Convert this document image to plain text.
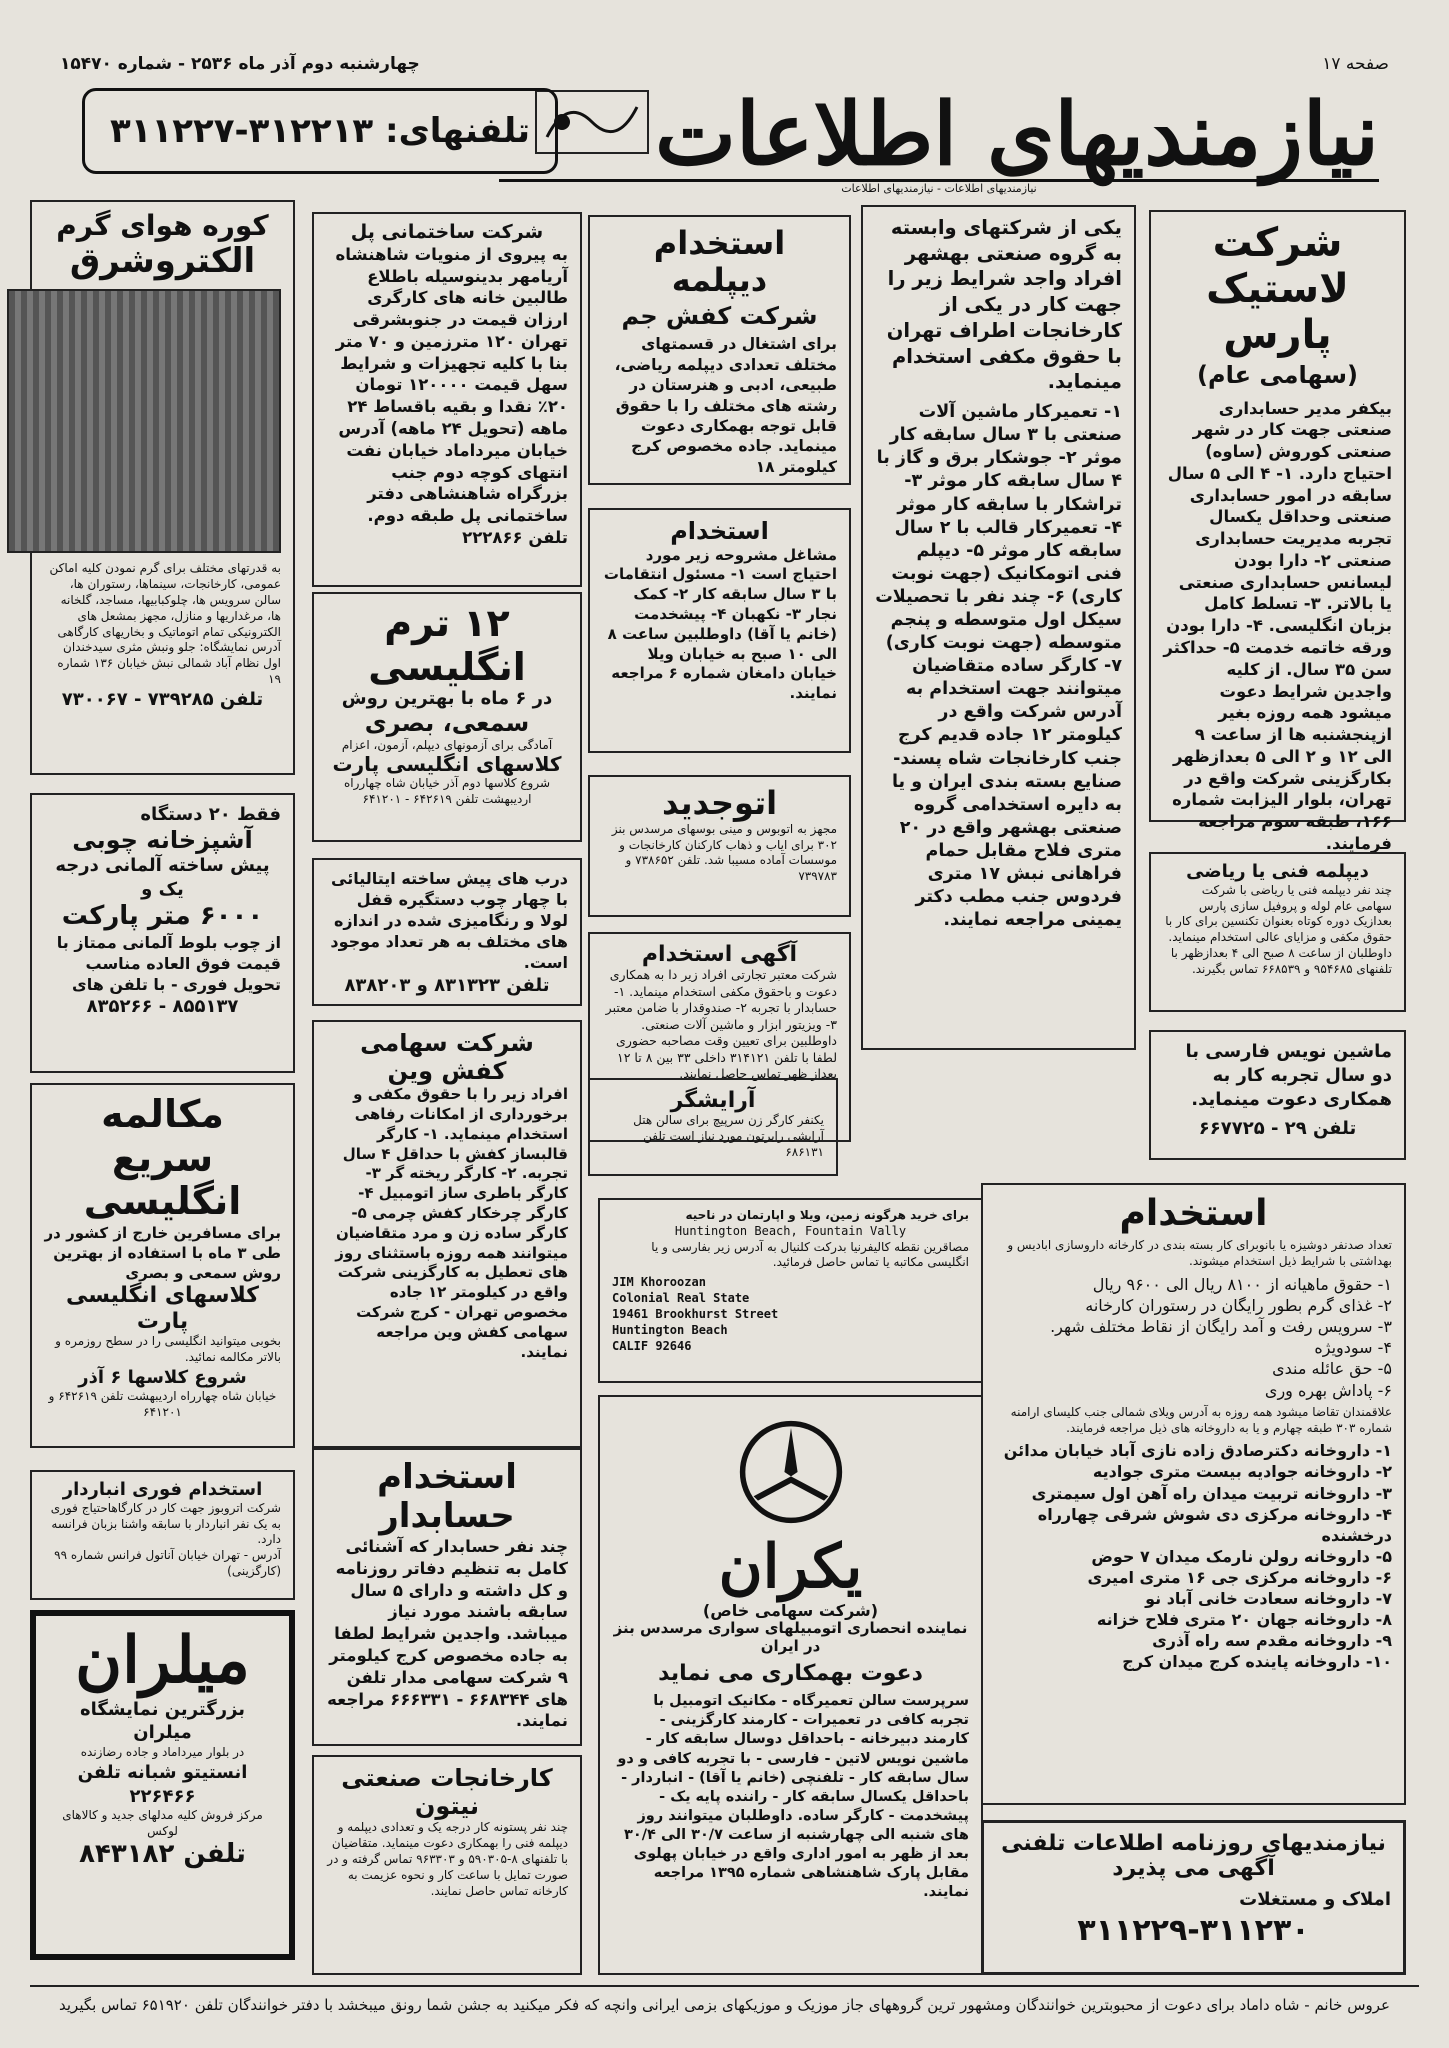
صفحه ۱۷
چهارشنبه دوم آذر ماه ۲۵۳۶ - شماره ۱۵۴۷۰
نیازمندیهای اطلاعات
نیازمندیهای اطلاعات - نیازمندیهای اطلاعات
تلفنهای: ۳۱۲۲۱۳-۳۱۱۲۲۷
شرکت لاستیک پارس
(سهامی عام)
بیکفر مدیر حسابداری صنعتی جهت کار در شهر صنعتی کوروش (ساوه) احتیاج دارد. ۱- ۴ الی ۵ سال سابقه در امور حسابداری صنعتی وحداقل یکسال تجربه مدیریت حسابداری صنعتی ۲- دارا بودن لیسانس حسابداری صنعتی یا بالاتر. ۳- تسلط کامل بزبان انگلیسی. ۴- دارا بودن ورقه خاتمه خدمت ۵- حداکثر سن ۳۵ سال. از کلیه واجدین شرایط دعوت میشود همه روزه بغیر ازپنجشنبه ها از ساعت ۹ الی ۱۲ و ۲ الی ۵ بعدازظهر بکارگزینی شرکت واقع در تهران، بلوار الیزابت شماره ۱۶۶، طبقه سوم مراجعه فرمایند.
دیپلمه فنی یا ریاضی
چند نفر دیپلمه فنی یا ریاضی با شرکت سهامی عام لوله و پروفیل سازی پارس بعدازیک دوره کوتاه بعنوان تکنسین برای کار با حقوق مکفی و مزایای عالی استخدام مینماید. داوطلبان از ساعت ۸ صبح الی ۴ بعدازظهر با تلفنهای ۹۵۴۶۸۵ و ۶۶۸۵۳۹ تماس بگیرند.
ماشین نویس فارسی با دو سال تجربه کار به همکاری دعوت مینماید.
تلفن ۲۹ - ۶۶۷۷۲۵
استخدام
تعداد صدنفر دوشیزه یا بانوبرای کار بسته بندی در کارخانه داروسازی ابادیس و بهداشتی با شرایط ذیل استخدام میشوند.
۱- حقوق ماهیانه از ۸۱۰۰ ریال الی ۹۶۰۰ ریال
۲- غذای گرم بطور رایگان در رستوران کارخانه
۳- سرویس رفت و آمد رایگان از نقاط مختلف شهر.
۴- سودویژه
۵- حق عائله مندی
۶- پاداش بهره وری
علاقمندان تقاضا میشود همه روزه به آدرس ویلای شمالی جنب کلیسای ارامنه شماره ۳۰۳ طبقه چهارم و یا به داروخانه های ذیل مراجعه فرمایند.
۱- داروخانه دکترصادق زاده نازی آباد خیابان مدائن
۲- داروخانه جوادیه بیست متری جوادیه
۳- داروخانه تربیت میدان راه آهن اول سیمتری
۴- داروخانه مرکزی دی شوش شرقی چهارراه درخشنده
۵- داروخانه رولن نارمک میدان ۷ حوض
۶- داروخانه مرکزی جی ۱۶ متری امیری
۷- داروخانه سعادت خانی آباد نو
۸- داروخانه جهان ۲۰ متری فلاح خزانه
۹- داروخانه مقدم سه راه آذری
۱۰- داروخانه پاینده کرج میدان کرج
نیازمندیهای روزنامه اطلاعات تلفنی آگهی می پذیرد
املاک و مستغلات
۳۱۱۲۲۹-۳۱۱۲۳۰
یکی از شرکتهای وابسته به گروه صنعتی بهشهر افراد واجد شرایط زیر را جهت کار در یکی از کارخانجات اطراف تهران با حقوق مکفی استخدام مینماید.
۱- تعمیرکار ماشین آلات صنعتی با ۳ سال سابقه کار موثر ۲- جوشکار برق و گاز با ۴ سال سابقه کار موثر ۳- تراشکار با سابقه کار موثر ۴- تعمیرکار قالب با ۲ سال سابقه کار موثر ۵- دیپلم فنی اتومکانیک (جهت نوبت کاری) ۶- چند نفر با تحصیلات سیکل اول متوسطه و پنجم متوسطه (جهت نوبت کاری) ۷- کارگر ساده متقاضیان میتوانند جهت استخدام به آدرس شرکت واقع در کیلومتر ۱۲ جاده قدیم کرج جنب کارخانجات شاه پسند- صنایع بسته بندی ایران و یا به دایره استخدامی گروه صنعتی بهشهر واقع در ۲۰ متری فلاح مقابل حمام فراهانی نبش ۱۷ متری فردوس جنب مطب دکتر یمینی مراجعه نمایند.
استخدام دیپلمه
شرکت کفش جم
برای اشتغال در قسمتهای مختلف تعدادی دیپلمه ریاضی، طبیعی، ادبی و هنرستان در رشته های مختلف را با حقوق قابل توجه بهمکاری دعوت مینماید. جاده مخصوص کرج کیلومتر ۱۸
استخدام
مشاغل مشروحه زیر مورد احتیاج است ۱- مسئول انتقامات با ۳ سال سابقه کار ۲- کمک نجار ۳- نکهبان ۴- پیشخدمت (خانم یا آقا) داوطلبین ساعت ۸ الی ۱۰ صبح به خیابان ویلا خیابان دامغان شماره ۶ مراجعه نمایند.
اتوجدید
مجهز به اتوبوس و مینی بوسهای مرسدس بنز ۳۰۲ برای ایاب و ذهاب کارکنان کارخانجات و موسسات آماده مسیبا شد. تلفن ۷۳۸۶۵۲ و ۷۳۹۷۸۳
آگهی استخدام
شرکت معتبر تجارتی افراد زیر دا به همکاری دعوت و باحقوق مکفی استخدام مینماید. ۱- حسابدار با تجربه ۲- صندوقدار با ضامن معتبر ۳- ویزیتور ابزار و ماشین آلات صنعتی. داوطلبین برای تعیین وقت مصاحبه حضوری لطفا با تلفن ۳۱۴۱۲۱ داخلی ۳۳ بین ۸ تا ۱۲ بعداز ظهر تماس حاصل نمایند.
آرایشگر
یکنفر کارگر زن سرپیچ برای سالن هتل آرایشی رایرتون مورد نیاز است تلفن ۶۸۶۱۳۱
برای خرید هرگونه زمین، ویلا و اپارتمان در ناحیه
Huntington Beach, Fountain Vally
مصاقرین نقطه کالیفرنیا بدرکت کلنیال به آدرس زیر بفارسی و یا انگلیسی مکاتبه یا تماس حاصل فرمائید.
JIM Khoroozan
Colonial Real State
19461 Brookhurst Street
Huntington Beach
CALIF 92646
یکران
(شرکت سهامی خاص)
نماینده انحصاری اتومبیلهای سواری مرسدس بنز در ایران
دعوت بهمکاری می نماید
سرپرست سالن تعمیرگاه - مکانیک اتومبیل با تجربه کافی در تعمیرات - کارمند کارگزینی - کارمند دبیرخانه - باحداقل دوسال سابقه کار - ماشین نویس لاتین - فارسی - با تجربه کافی و دو سال سابقه کار - تلفنچی (خانم یا آقا) - انباردار - باحداقل یکسال سابقه کار - راننده پایه یک - پیشخدمت - کارگر ساده. داوطلبان میتوانند روز های شنبه الی چهارشنبه از ساعت ۳۰/۷ الی ۳۰/۴ بعد از ظهر به امور اداری واقع در خیابان پهلوی مقابل پارک شاهنشاهی شماره ۱۳۹۵ مراجعه نمایند.
شرکت ساختمانی پل
به پیروی از منویات شاهنشاه آریامهر بدینوسیله باطلاع طالبین خانه های کارگری ارزان قیمت در جنوبشرقی تهران ۱۲۰ مترزمین و ۷۰ متر بنا با کلیه تجهیزات و شرایط سهل قیمت ۱۲۰۰۰۰ تومان ۲۰٪ نقدا و بقیه باقساط ۲۴ ماهه (تحویل ۲۴ ماهه) آدرس خیابان میرداماد خیابان نفت انتهای کوچه دوم جنب بزرگراه شاهنشاهی دفتر ساختمانی پل طبقه دوم. تلفن ۲۲۲۸۶۶
۱۲ ترم انگلیسی
در ۶ ماه با بهترین روش
سمعی، بصری
آمادگی برای آزمونهای دیپلم، آزمون، اعزام
کلاسهای انگلیسی پارت
شروع کلاسها دوم آذر خیابان شاه چهارراه اردیبهشت تلفن ۶۴۲۶۱۹ - ۶۴۱۲۰۱
درب های پیش ساخته ایتالیائی با چهار چوب دستگیره قفل لولا و رنگامیزی شده در اندازه های مختلف به هر تعداد موجود است.
تلفن ۸۳۱۳۲۳ و ۸۳۸۲۰۳
شرکت سهامی کفش وین
افراد زیر را با حقوق مکفی و برخورداری از امکانات رفاهی استخدام مینماید. ۱- کارگر قالبساز کفش با حداقل ۴ سال تجربه. ۲- کارگر ریخته گر ۳- کارگر باطری ساز اتومبیل ۴- کارگر چرخکار کفش چرمی ۵- کارگر ساده زن و مرد متقاضیان میتوانند همه روزه باستثنای روز های تعطیل به کارگزینی شرکت واقع در کیلومتر ۱۲ جاده مخصوص تهران - کرج شرکت سهامی کفش وین مراجعه نمایند.
استخدام حسابدار
چند نفر حسابدار که آشنائی کامل به تنظیم دفاتر روزنامه و کل داشته و دارای ۵ سال سابقه باشند مورد نیاز میباشد. واجدین شرایط لطفا به جاده مخصوص کرج کیلومتر ۹ شرکت سهامی مدار تلفن های ۶۶۸۳۴۴ - ۶۶۶۳۳۱ مراجعه نمایند.
کارخانجات صنعتی نیتون
چند نفر پستونه کار درجه یک و تعدادی دیپلمه و دیپلمه فنی را بهمکاری دعوت مینماید. متقاضیان با تلفنهای ۸-۵۹۰۳۰۵ و ۹۶۳۳۰۳ تماس گرفته و در صورت تمایل با ساعت کار و نحوه عزیمت به کارخانه تماس حاصل نمایند.
کوره هوای گرم
الکتروشرق
به قدرتهای مختلف برای گرم نمودن کلیه اماکن عمومی، کارخانجات، سینماها، رستوران ها، سالن سرویس ها، چلوکبابیها، مساجد، گلخانه ها، مرغداریها و منازل، مجهز بمشعل های الکترونیکی تمام اتوماتیک و بخاریهای کارگاهی
آدرس نمایشگاه: جلو ونبش مثری سیدخندان اول نظام آباد شمالی نبش خیابان ۱۳۶ شماره ۱۹
تلفن ۷۳۹۲۸۵ - ۷۳۰۰۶۷
فقط ۲۰ دستگاه
آشپزخانه چوبی
پیش ساخته آلمانی درجه یک و
۶۰۰۰ متر پارکت
از چوب بلوط آلمانی ممتاز با قیمت فوق العاده مناسب تحویل فوری - با تلفن های
۸۵۵۱۳۷ - ۸۳۵۲۶۶
مکالمه سریع انگلیسی
برای مسافرین خارج از کشور در طی ۳ ماه با استفاده از بهترین روش سمعی و بصری
کلاسهای انگلیسی پارت
بخوبی میتوانید انگلیسی را در سطح روزمره و بالاتر مکالمه نمائید.
شروع کلاسها ۶ آذر
خیابان شاه چهارراه اردیبهشت تلفن ۶۴۲۶۱۹ و ۶۴۱۲۰۱
استخدام فوری انباردار
شرکت اتروبوز جهت کار در کارگاهاحتیاج فوری به یک نفر انباردار با سابقه واشنا بزبان فرانسه دارد.
آدرس - تهران خیابان آناتول فرانس شماره ۹۹ (کارگزینی)
میلران
بزرگترین نمایشگاه میلران
در بلوار میرداماد و جاده رضازنده
انستیتو شبانه تلفن ۲۲۶۴۶۶
مرکز فروش کلیه مدلهای جدید و کالاهای لوکس
تلفن ۸۴۳۱۸۲
عروس خانم - شاه داماد برای دعوت از محبوبترین خوانندگان ومشهور ترین گروههای جاز موزیک و موزیکهای بزمی ایرانی وانچه که فکر میکنید به جشن شما رونق میبخشد با دفتر خوانندگان تلفن ۶۵۱۹۲۰ تماس بگیرید
